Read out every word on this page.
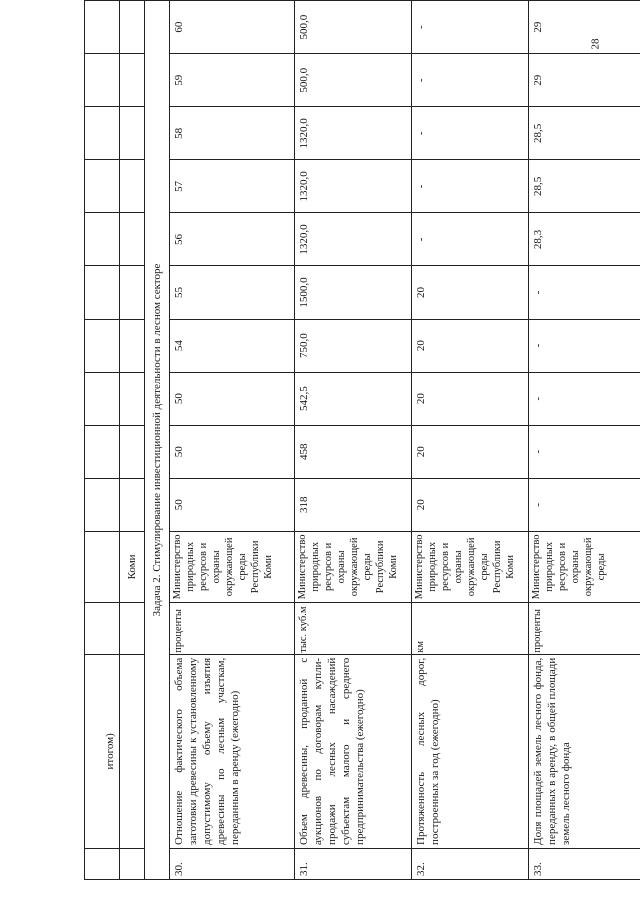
28
	итогом)												
			Коми										
Задача 2. Стимулирование инвестиционной деятельности в лесном секторе													
30.	Отношение фактического объема заготовки древесины к установленному допустимому объему изъятия древесины по лесным участкам, переданным в аренду (ежегодно)	проценты	Министерство природных ресурсов и охраны окружающей среды Республики Коми	50	50	50	54	55	56	57	58	59	60
31.	Объем древесины, проданной с аукционов по договорам купли-продажи лесных насаждений субъектам малого и среднего предпринимательства (ежегодно)	тыс. куб.м	Министерство природных ресурсов и охраны окружающей среды Республики Коми	318	458	542,5	750,0	1500,0	1320,0	1320,0	1320,0	500,0	500,0
32.	Протяженность лесных дорог, построенных за год (ежегодно)	км	Министерство природных ресурсов и охраны окружающей среды Республики Коми	20	20	20	20	20	-	-	-	-	-
33.	Доля площадей земель лесного фонда, переданных в аренду, в общей площади земель лесного фонда	проценты	Министерство природных ресурсов и охраны окружающей среды	-	-	-	-	-	28,3	28,5	28,5	29	29
